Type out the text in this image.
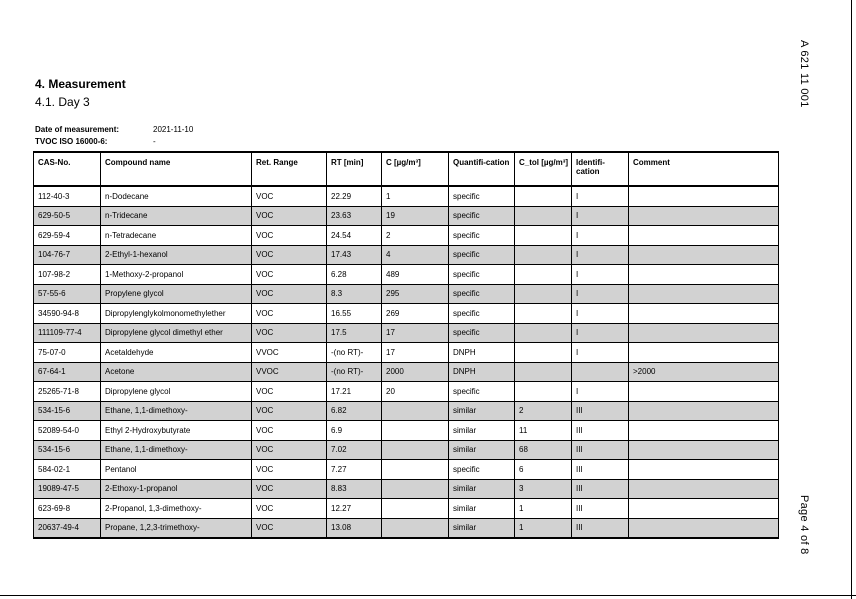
A 621 11 001
Page 4 of 8
4. Measurement
4.1. Day 3
Date of measurement:	2021-11-10
TVOC ISO 16000-6:	-
CAS-No.	Compound name	Ret. Range	RT [min]	C [µg/m³]	Quantifi-cation	C_tol [µg/m³]	Identifi-cation	Comment
112-40-3	n-Dodecane	VOC	22.29	1	specific		I	
629-50-5	n-Tridecane	VOC	23.63	19	specific		I	
629-59-4	n-Tetradecane	VOC	24.54	2	specific		I	
104-76-7	2-Ethyl-1-hexanol	VOC	17.43	4	specific		I	
107-98-2	1-Methoxy-2-propanol	VOC	6.28	489	specific		I	
57-55-6	Propylene glycol	VOC	8.3	295	specific		I	
34590-94-8	Dipropylenglykolmonomethylether	VOC	16.55	269	specific		I	
111109-77-4	Dipropylene glycol dimethyl ether	VOC	17.5	17	specific		I	
75-07-0	Acetaldehyde	VVOC	-(no RT)-	17	DNPH		I	
67-64-1	Acetone	VVOC	-(no RT)-	2000	DNPH			>2000
25265-71-8	Dipropylene glycol	VOC	17.21	20	specific		I	
534-15-6	Ethane, 1,1-dimethoxy-	VOC	6.82		similar	2	III	
52089-54-0	Ethyl 2-Hydroxybutyrate	VOC	6.9		similar	11	III	
534-15-6	Ethane, 1,1-dimethoxy-	VOC	7.02		similar	68	III	
584-02-1	Pentanol	VOC	7.27		specific	6	III	
19089-47-5	2-Ethoxy-1-propanol	VOC	8.83		similar	3	III	
623-69-8	2-Propanol, 1,3-dimethoxy-	VOC	12.27		similar	1	III	
20637-49-4	Propane, 1,2,3-trimethoxy-	VOC	13.08		similar	1	III	
